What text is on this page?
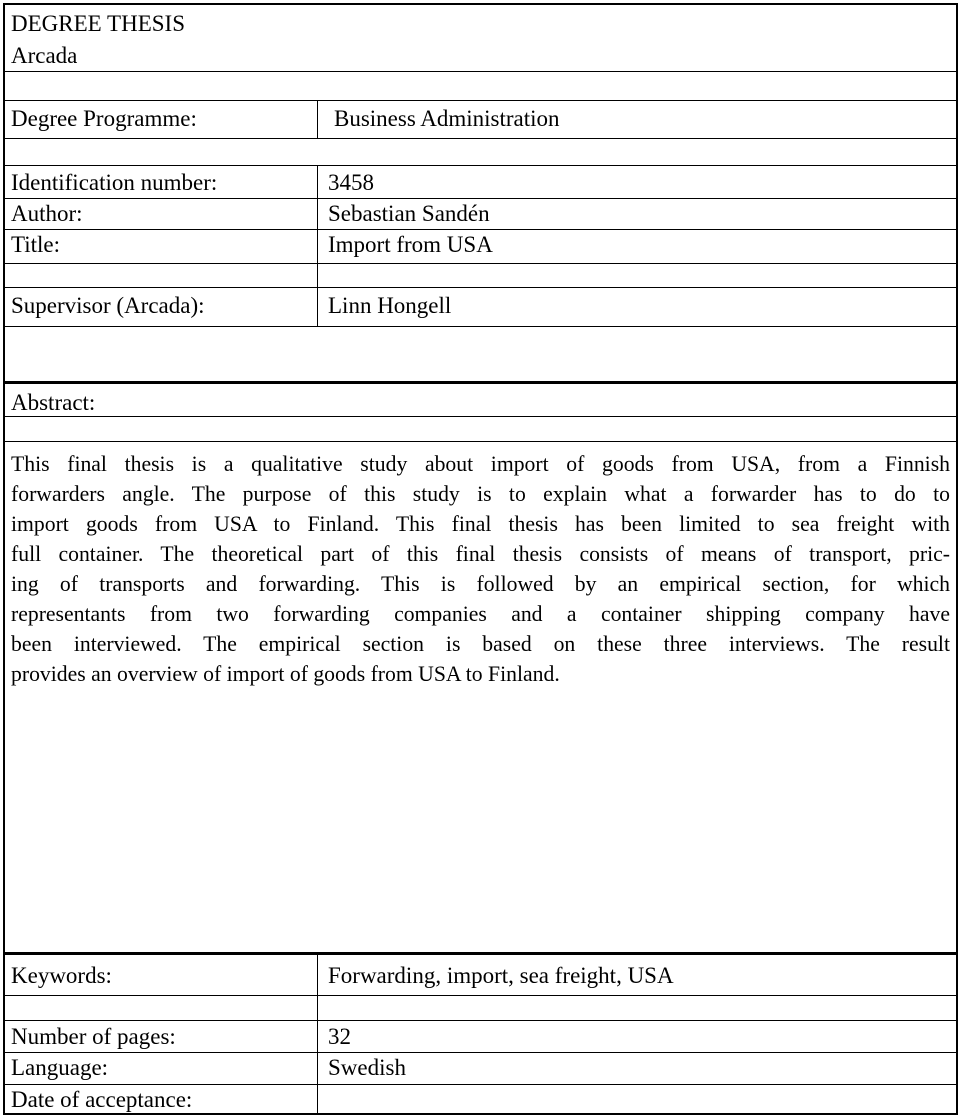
DEGREE THESIS
Arcada
Degree Programme:	Business Administration
Identification number:	3458
Author:	Sebastian Sandén
Title:	Import from USA
Supervisor (Arcada):	Linn Hongell
Abstract:
This final thesis is a qualitative study about import of goods from USA, from a Finnish
forwarders angle. The purpose of this study is to explain what a forwarder has to do to
import goods from USA to Finland. This final thesis has been limited to sea freight with
full container. The theoretical part of this final thesis consists of means of transport, pric-
ing of transports and forwarding. This is followed by an empirical section, for which
representants from two forwarding companies and a container shipping company have
been interviewed. The empirical section is based on these three interviews. The result
provides an overview of import of goods from USA to Finland.
Keywords:	Forwarding, import, sea freight, USA
Number of pages:	32
Language:	Swedish
Date of acceptance:
